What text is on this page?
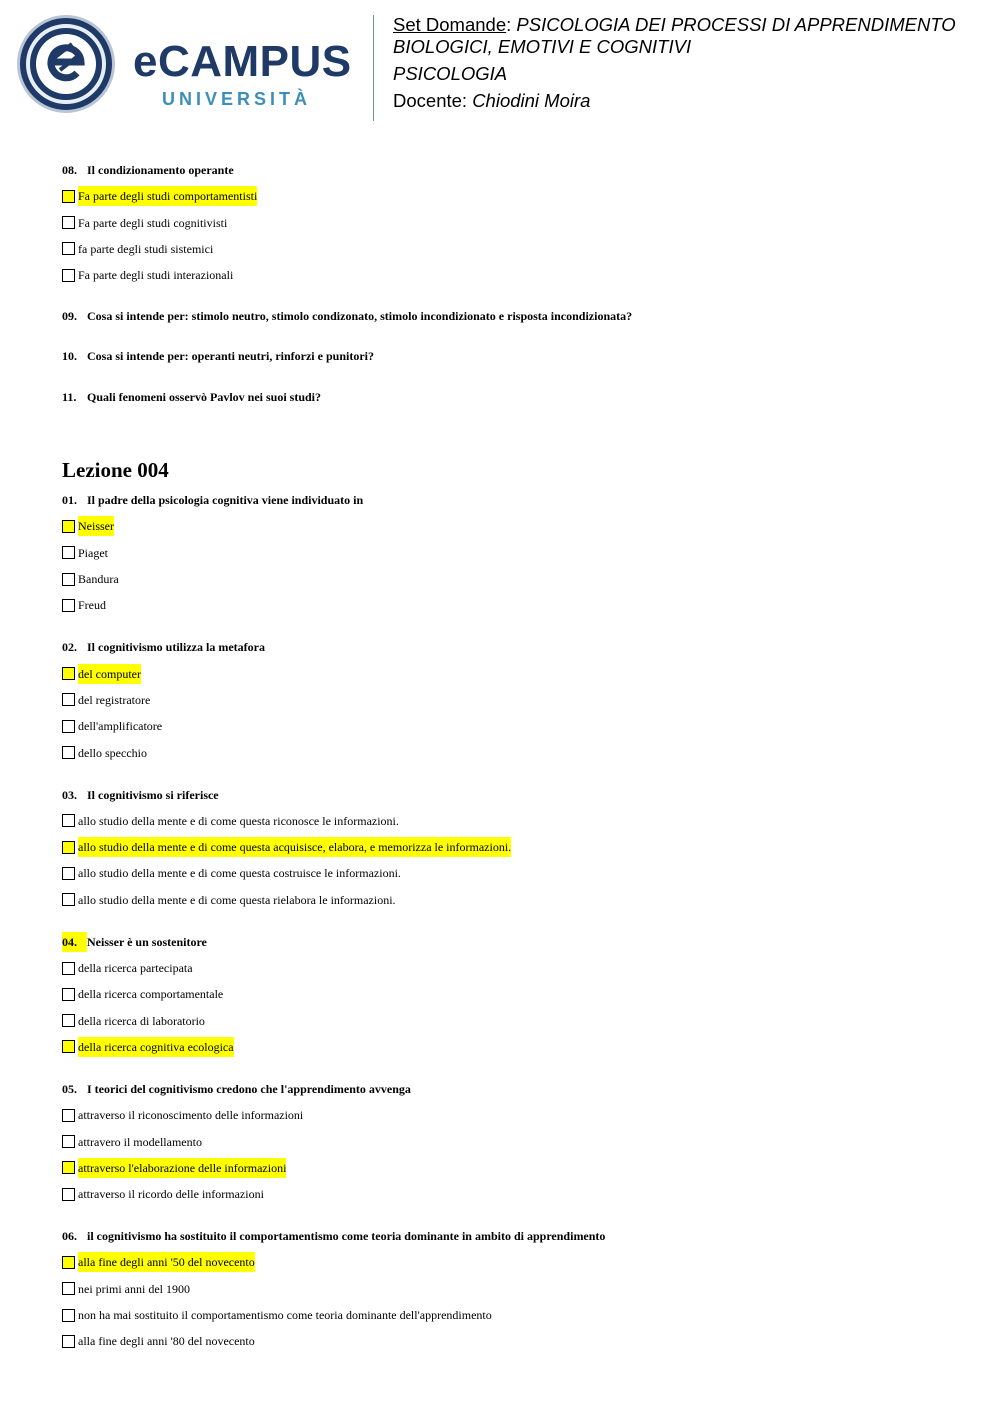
eCAMPUS
UNIVERSITÀ
Set Domande: PSICOLOGIA DEI PROCESSI DI APPRENDIMENTO
BIOLOGICI, EMOTIVI E COGNITIVI
PSICOLOGIA
Docente: Chiodini Moira
08. Il condizionamento operante
Fa parte degli studi comportamentisti
Fa parte degli studi cognitivisti
fa parte degli studi sistemici
Fa parte degli studi interazionali
09. Cosa si intende per: stimolo neutro, stimolo condizonato, stimolo incondizionato e risposta incondizionata?
10. Cosa si intende per: operanti neutri, rinforzi e punitori?
11. Quali fenomeni osservò Pavlov nei suoi studi?
Lezione 004
01. Il padre della psicologia cognitiva viene individuato in
Neisser
Piaget
Bandura
Freud
02. Il cognitivismo utilizza la metafora
del computer
del registratore
dell'amplificatore
dello specchio
03. Il cognitivismo si riferisce
allo studio della mente e di come questa riconosce le informazioni.
allo studio della mente e di come questa acquisisce, elabora, e memorizza le informazioni.
allo studio della mente e di come questa costruisce le informazioni.
allo studio della mente e di come questa rielabora le informazioni.
04. Neisser è un sostenitore
della ricerca partecipata
della ricerca comportamentale
della ricerca di laboratorio
della ricerca cognitiva ecologica
05. I teorici del cognitivismo credono che l'apprendimento avvenga
attraverso il riconoscimento delle informazioni
attravero il modellamento
attraverso l'elaborazione delle informazioni
attraverso il ricordo delle informazioni
06. il cognitivismo ha sostituito il comportamentismo come teoria dominante in ambito di apprendimento
alla fine degli anni '50 del novecento
nei primi anni del 1900
non ha mai sostituito il comportamentismo come teoria dominante dell'apprendimento
alla fine degli anni '80 del novecento
